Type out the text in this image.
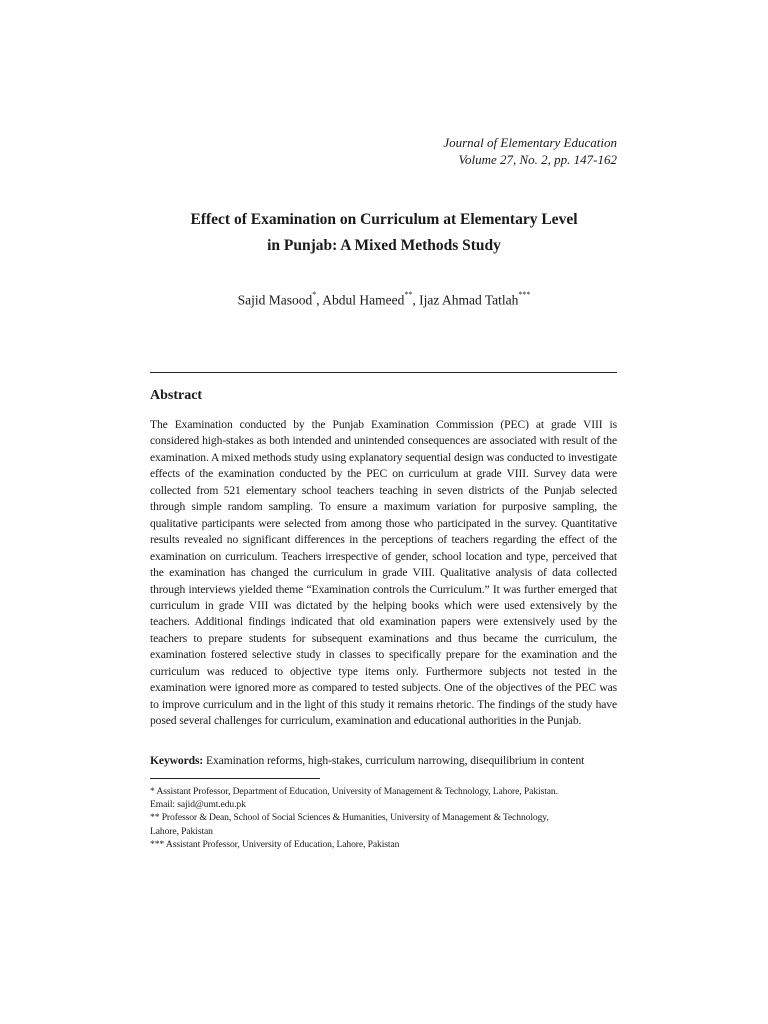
Journal of Elementary Education
Volume 27, No. 2, pp. 147-162
Effect of Examination on Curriculum at Elementary Level
in Punjab: A Mixed Methods Study
Sajid Masood*, Abdul Hameed**, Ijaz Ahmad Tatlah***
Abstract
The Examination conducted by the Punjab Examination Commission (PEC) at grade VIII is considered high-stakes as both intended and unintended consequences are associated with result of the examination. A mixed methods study using explanatory sequential design was conducted to investigate effects of the examination conducted by the PEC on curriculum at grade VIII. Survey data were collected from 521 elementary school teachers teaching in seven districts of the Punjab selected through simple random sampling. To ensure a maximum variation for purposive sampling, the qualitative participants were selected from among those who participated in the survey. Quantitative results revealed no significant differences in the perceptions of teachers regarding the effect of the examination on curriculum. Teachers irrespective of gender, school location and type, perceived that the examination has changed the curriculum in grade VIII. Qualitative analysis of data collected through interviews yielded theme “Examination controls the Curriculum.” It was further emerged that curriculum in grade VIII was dictated by the helping books which were used extensively by the teachers. Additional findings indicated that old examination papers were extensively used by the teachers to prepare students for subsequent examinations and thus became the curriculum, the examination fostered selective study in classes to specifically prepare for the examination and the curriculum was reduced to objective type items only. Furthermore subjects not tested in the examination were ignored more as compared to tested subjects. One of the objectives of the PEC was to improve curriculum and in the light of this study it remains rhetoric. The findings of the study have posed several challenges for curriculum, examination and educational authorities in the Punjab.
Keywords: Examination reforms, high-stakes, curriculum narrowing, disequilibrium in content
* Assistant Professor, Department of Education, University of Management & Technology, Lahore, Pakistan.
Email: sajid@umt.edu.pk
** Professor & Dean, School of Social Sciences & Humanities, University of Management & Technology,
Lahore, Pakistan
*** Assistant Professor, University of Education, Lahore, Pakistan
